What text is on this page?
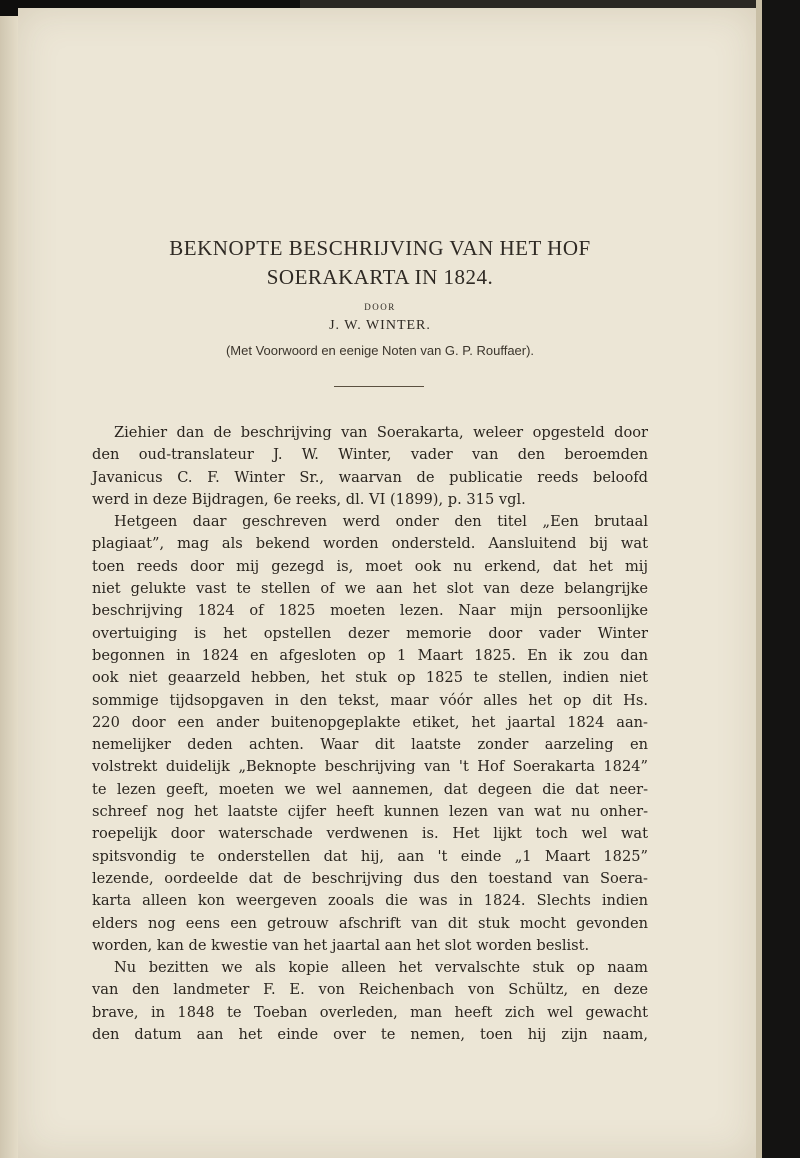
BEKNOPTE BESCHRIJVING VAN HET HOF
SOERAKARTA IN 1824.
DOOR
J. W. WINTER.
(Met Voorwoord en eenige Noten van G. P. Rouffaer).
Ziehier dan de beschrijving van Soerakarta, weleer opgesteld door
den oud-translateur J. W. Winter, vader van den beroemden
Javanicus C. F. Winter Sr., waarvan de publicatie reeds beloofd
werd in deze Bijdragen, 6e reeks, dl. VI (1899), p. 315 vgl.
Hetgeen daar geschreven werd onder den titel „Een brutaal
plagiaat”, mag als bekend worden ondersteld. Aansluitend bij wat
toen reeds door mij gezegd is, moet ook nu erkend, dat het mij
niet gelukte vast te stellen of we aan het slot van deze belangrijke
beschrijving 1824 of 1825 moeten lezen. Naar mijn persoonlijke
overtuiging is het opstellen dezer memorie door vader Winter
begonnen in 1824 en afgesloten op 1 Maart 1825. En ik zou dan
ook niet geaarzeld hebben, het stuk op 1825 te stellen, indien niet
sommige tijdsopgaven in den tekst, maar vóór alles het op dit Hs.
220 door een ander buitenopgeplakte etiket, het jaartal 1824 aan-
nemelijker deden achten. Waar dit laatste zonder aarzeling en
volstrekt duidelijk „Beknopte beschrijving van 't Hof Soerakarta 1824”
te lezen geeft, moeten we wel aannemen, dat degeen die dat neer-
schreef nog het laatste cijfer heeft kunnen lezen van wat nu onher-
roepelijk door waterschade verdwenen is. Het lijkt toch wel wat
spitsvondig te onderstellen dat hij, aan 't einde „1 Maart 1825”
lezende, oordeelde dat de beschrijving dus den toestand van Soera-
karta alleen kon weergeven zooals die was in 1824. Slechts indien
elders nog eens een getrouw afschrift van dit stuk mocht gevonden
worden, kan de kwestie van het jaartal aan het slot worden beslist.
Nu bezitten we als kopie alleen het vervalschte stuk op naam
van den landmeter F. E. von Reichenbach von Schültz, en deze
brave, in 1848 te Toeban overleden, man heeft zich wel gewacht
den datum aan het einde over te nemen, toen hij zijn naam,
